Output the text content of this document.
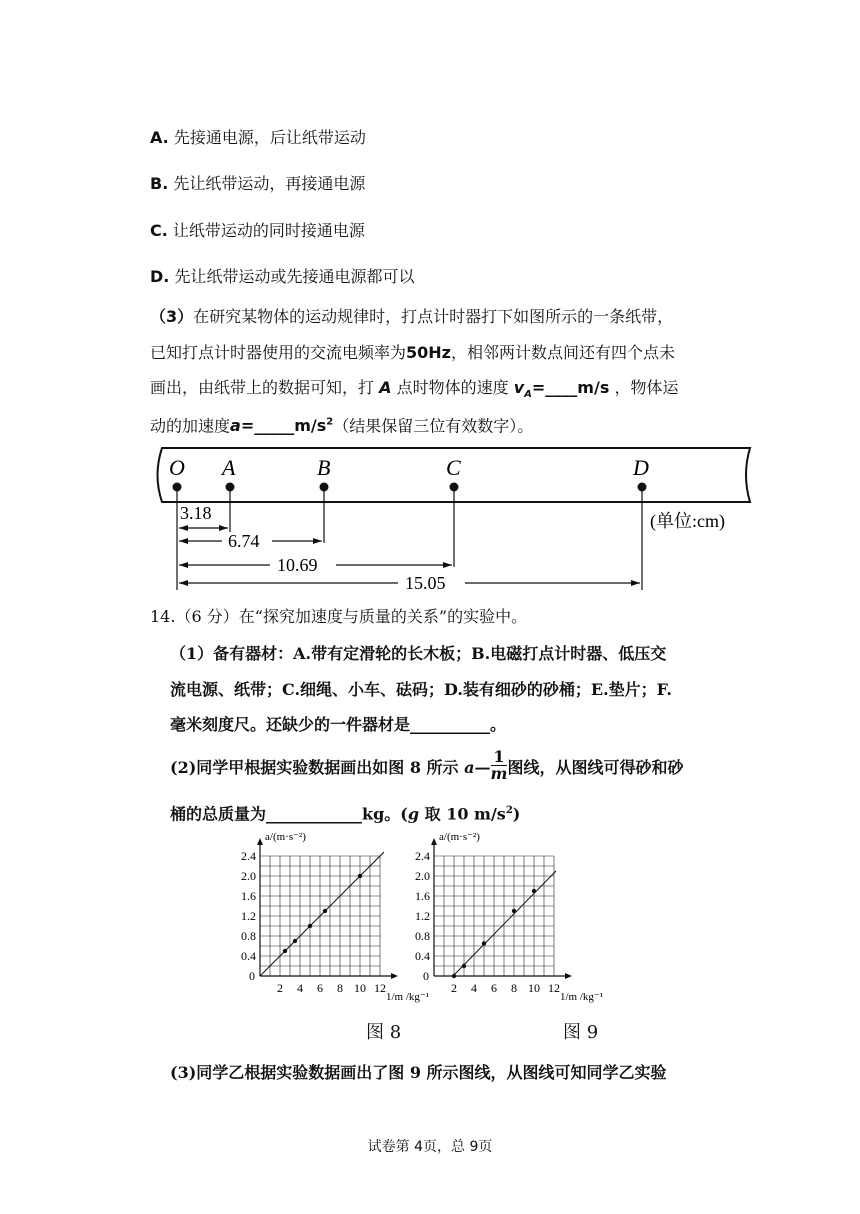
A. 先接通电源，后让纸带运动
B. 先让纸带运动，再接通电源
C. 让纸带运动的同时接通电源
D. 先让纸带运动或先接通电源都可以
（3）在研究某物体的运动规律时，打点计时器打下如图所示的一条纸带，
已知打点计时器使用的交流电频率为50Hz，相邻两计数点间还有四个点未
画出，由纸带上的数据可知，打 A 点时物体的速度 $v_A=\_\_\_\_m/s$ ，物体运
动的加速度$a=\_\_\_\_\_m/s^2$（结果保留三位有效数字）。
O A	B	C	D
3.18
6.74
10.69
15.05
(单位:cm)
14.（6 分）在“探究加速度与质量的关系”的实验中。
（1）备有器材：A.带有定滑轮的长木板；B.电磁打点计时器、低压交
流电源、纸带；C.细绳、小车、砝码；D.装有细砂的砂桶；E.垫片；F.
毫米刻度尺。还缺少的一件器材是__________。
(2)同学甲根据实验数据画出如图 8 所示 a— $\frac{1}{m}$ 图线，从图线可得砂和砂
桶的总质量为____________kg。(g 取 10 $m/s^2$)
0.4
0.8
1.2
1.6
2.0
2.4
0
2 4 6 8 10 12
a/(m·s⁻²)
1/m /kg⁻¹
0.4
0.8
1.2
1.6
2.0
2.4
0
2 4 6 8 10 12
a/(m·s⁻²)
1/m /kg⁻¹
图 8	图 9
(3)同学乙根据实验数据画出了图 9 所示图线，从图线可知同学乙实验
试卷第 4页，总 9页
